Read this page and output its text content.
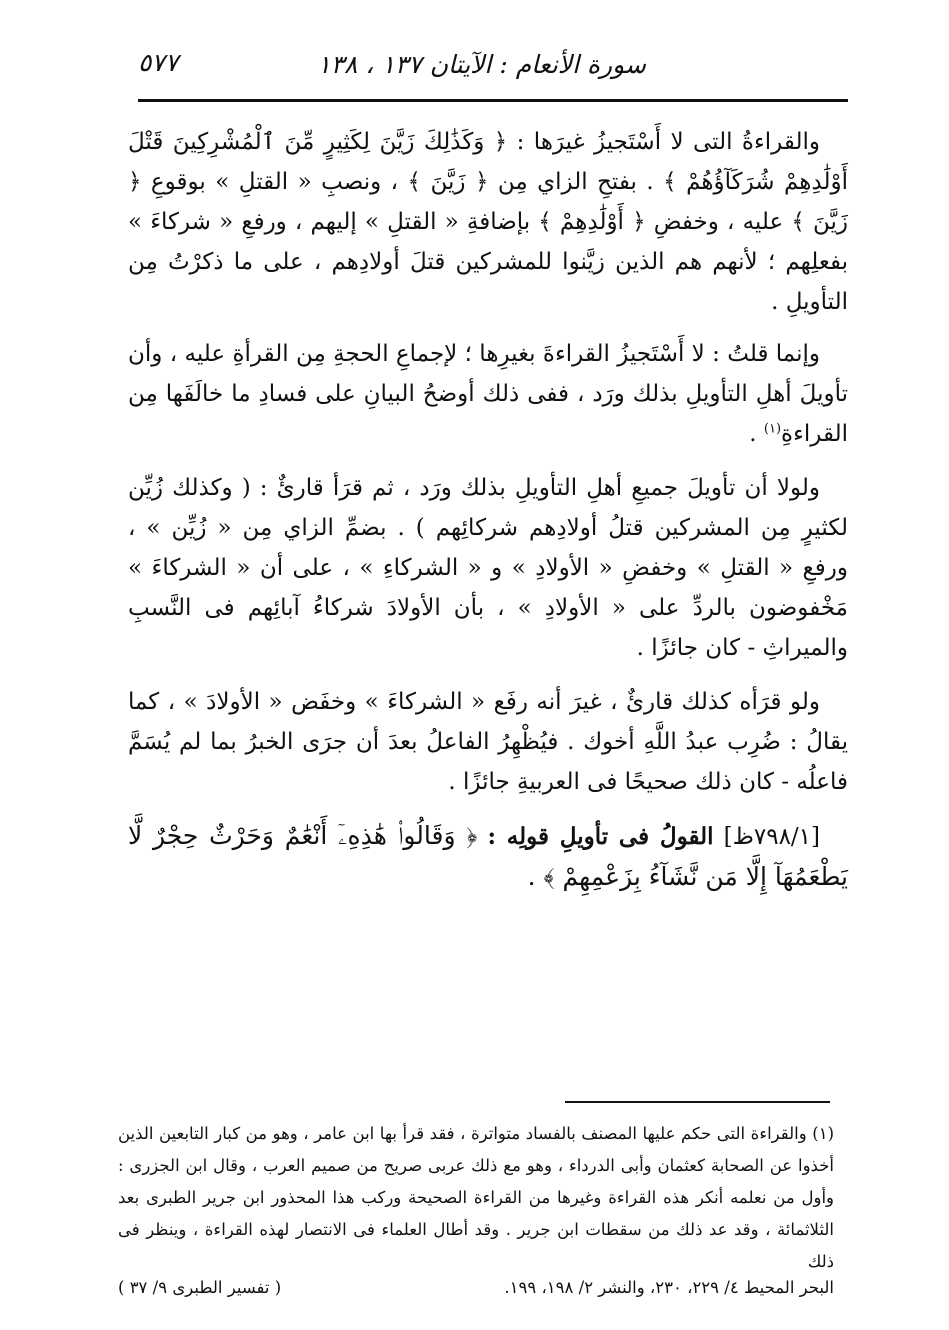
سورة الأنعام : الآيتان ١٣٧ ، ١٣٨
٥٧٧

والقراءةُ التى لا أَسْتَجيزُ غيرَها : ﴿ وَكَذَٰلِكَ زَيَّنَ لِكَثِيرٍ مِّنَ ٱلْمُشْرِكِينَ قَتْلَ أَوْلَٰدِهِمْ شُرَكَآؤُهُمْ ﴾ . بفتحِ الزاي مِن ﴿ زَيَّنَ ﴾ ، ونصبِ « القتلِ » بوقوعِ ﴿ زَيَّنَ ﴾ عليه ، وخفضِ ﴿ أَوْلَٰدِهِمْ ﴾ بإضافةِ « القتلِ » إليهم ، ورفعِ « شركاءَ » بفعلِهم ؛ لأنهم هم الذين زيَّنوا للمشركين قتلَ أولادِهم ، على ما ذكرْتُ مِن التأويلِ .

وإنما قلتُ : لا أَسْتَجيزُ القراءةَ بغيرِها ؛ لإجماعِ الحجةِ مِن القرأةِ عليه ، وأن تأويلَ أهلِ التأويلِ بذلك ورَد ، ففى ذلك أوضحُ البيانِ على فسادِ ما خالَفَها مِن القراءةِ$^{(١)}$ .

ولولا أن تأويلَ جميعِ أهلِ التأويلِ بذلك ورَد ، ثم قرَأ قارئٌ : ( وكذلك زُيِّن لكثيرٍ مِن المشركين قتلُ أولادِهم شركائِهم ) . بضمِّ الزاي مِن « زُيِّن » ، ورفعِ « القتلِ » وخفضِ « الأولادِ » و « الشركاءِ » ، على أن « الشركاءَ » مَخْفوضون بالردِّ على « الأولادِ » ، بأن الأولادَ شركاءُ آبائِهم فى النَّسبِ والميراثِ - كان جائزًا .

ولو قرَأه كذلك قارئٌ ، غيرَ أنه رفَع « الشركاءَ » وخفَض « الأولادَ » ، كما يقالُ : ضُرِب عبدُ اللَّهِ أخوك . فيُظْهِرُ الفاعلُ بعدَ أن جرَى الخبرُ بما لم يُسَمَّ فاعلُه - كان ذلك صحيحًا فى العربيةِ جائزًا .

[٧٩٨/١ظ] القولُ فى تأويلِ قولِه : ﴿ وَقَالُوا۟ هَٰذِهِۦٓ أَنْعَٰمٌ وَحَرْثٌ حِجْرٌ لَّا يَطْعَمُهَآ إِلَّا مَن نَّشَآءُ بِزَعْمِهِمْ ﴾ .

(١) والقراءة التى حكم عليها المصنف بالفساد متواترة ، فقد قرأ بها ابن عامر ، وهو من كبار التابعين الذين أخذوا عن الصحابة كعثمان وأبى الدرداء ، وهو مع ذلك عربى صريح من صميم العرب ، وقال ابن الجزرى : وأول من نعلمه أنكر هذه القراءة وغيرها من القراءة الصحيحة وركب هذا المحذور ابن جرير الطبرى بعد الثلاثمائة ، وقد عد ذلك من سقطات ابن جرير . وقد أطال العلماء فى الانتصار لهذه القراءة ، وينظر فى ذلك

البحر المحيط ٤/ ٢٢٩، ٢٣٠، والنشر ٢/ ١٩٨، ١٩٩.
( تفسير الطبرى ٩/ ٣٧ )
